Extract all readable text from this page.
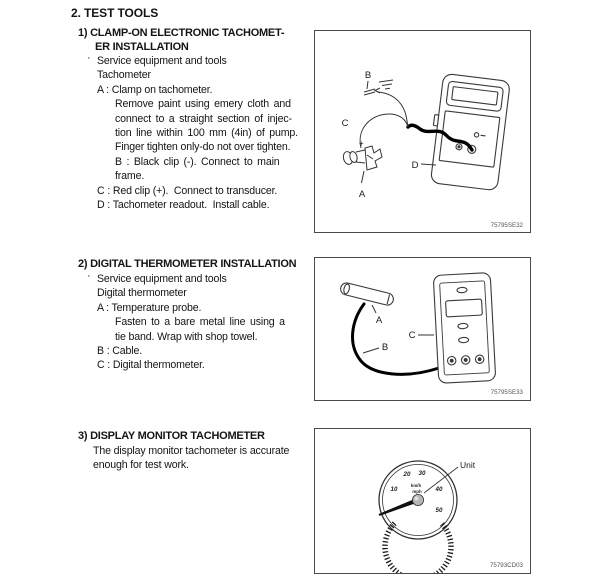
2. TEST TOOLS
1) CLAMP-ON ELECTRONIC TACHOMET-
ER INSTALLATION
· Service equipment and tools
Tachometer
A : Clamp on tachometer.
Remove paint using emery cloth and
connect to a straight section of injec-
tion line within 100 mm (4in) of pump.
Finger tighten only-do not over tighten.
B : Black clip (-). Connect to main
frame.
C : Red clip (+).  Connect to transducer.
D : Tachometer readout.  Install cable.
+
B
C
A
D
75795SE32
2) DIGITAL THERMOMETER INSTALLATION
· Service equipment and tools
Digital thermometer
A : Temperature probe.
Fasten to a bare metal line using a
tie band. Wrap with shop towel.
B : Cable.
C : Digital thermometer.
A
B
C
75795SE33
3) DISPLAY MONITOR TACHOMETER
The display monitor tachometer is accurate
enough for test work.
10
20 30
40
50
km/h
mph
Unit
75793CD03
